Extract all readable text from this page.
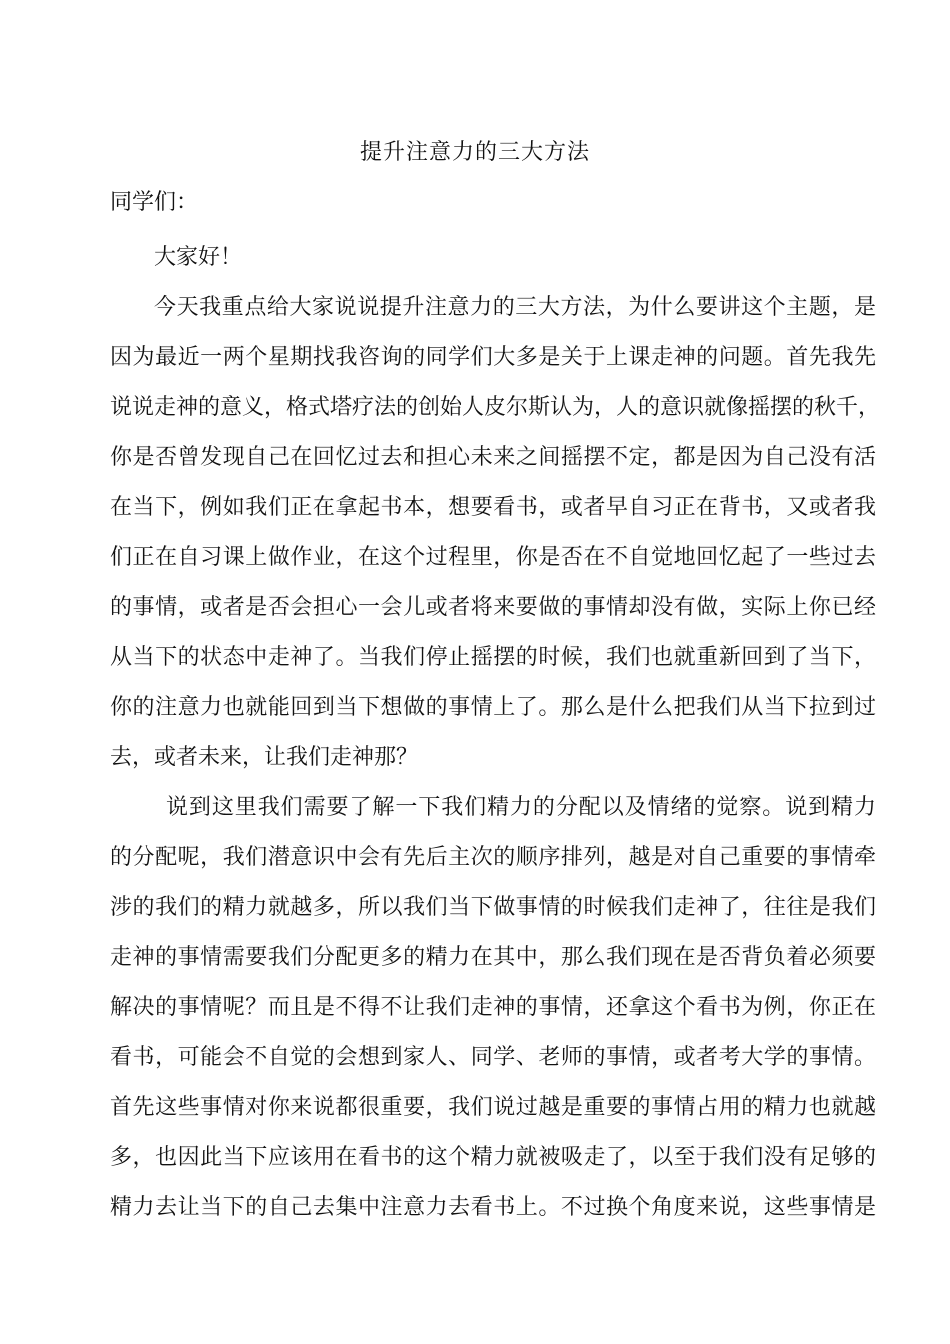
提升注意力的三大方法
同学们：
大家好！
今天我重点给大家说说提升注意力的三大方法，为什么要讲这个主题，是
因为最近一两个星期找我咨询的同学们大多是关于上课走神的问题。首先我先
说说走神的意义，格式塔疗法的创始人皮尔斯认为，人的意识就像摇摆的秋千，
你是否曾发现自己在回忆过去和担心未来之间摇摆不定，都是因为自己没有活
在当下，例如我们正在拿起书本，想要看书，或者早自习正在背书，又或者我
们正在自习课上做作业，在这个过程里，你是否在不自觉地回忆起了一些过去
的事情，或者是否会担心一会儿或者将来要做的事情却没有做，实际上你已经
从当下的状态中走神了。当我们停止摇摆的时候，我们也就重新回到了当下，
你的注意力也就能回到当下想做的事情上了。那么是什么把我们从当下拉到过
去，或者未来，让我们走神那？
说到这里我们需要了解一下我们精力的分配以及情绪的觉察。说到精力
的分配呢，我们潜意识中会有先后主次的顺序排列，越是对自己重要的事情牵
涉的我们的精力就越多，所以我们当下做事情的时候我们走神了，往往是我们
走神的事情需要我们分配更多的精力在其中，那么我们现在是否背负着必须要
解决的事情呢？而且是不得不让我们走神的事情，还拿这个看书为例，你正在
看书，可能会不自觉的会想到家人、同学、老师的事情，或者考大学的事情。
首先这些事情对你来说都很重要，我们说过越是重要的事情占用的精力也就越
多，也因此当下应该用在看书的这个精力就被吸走了，以至于我们没有足够的
精力去让当下的自己去集中注意力去看书上。不过换个角度来说，这些事情是
